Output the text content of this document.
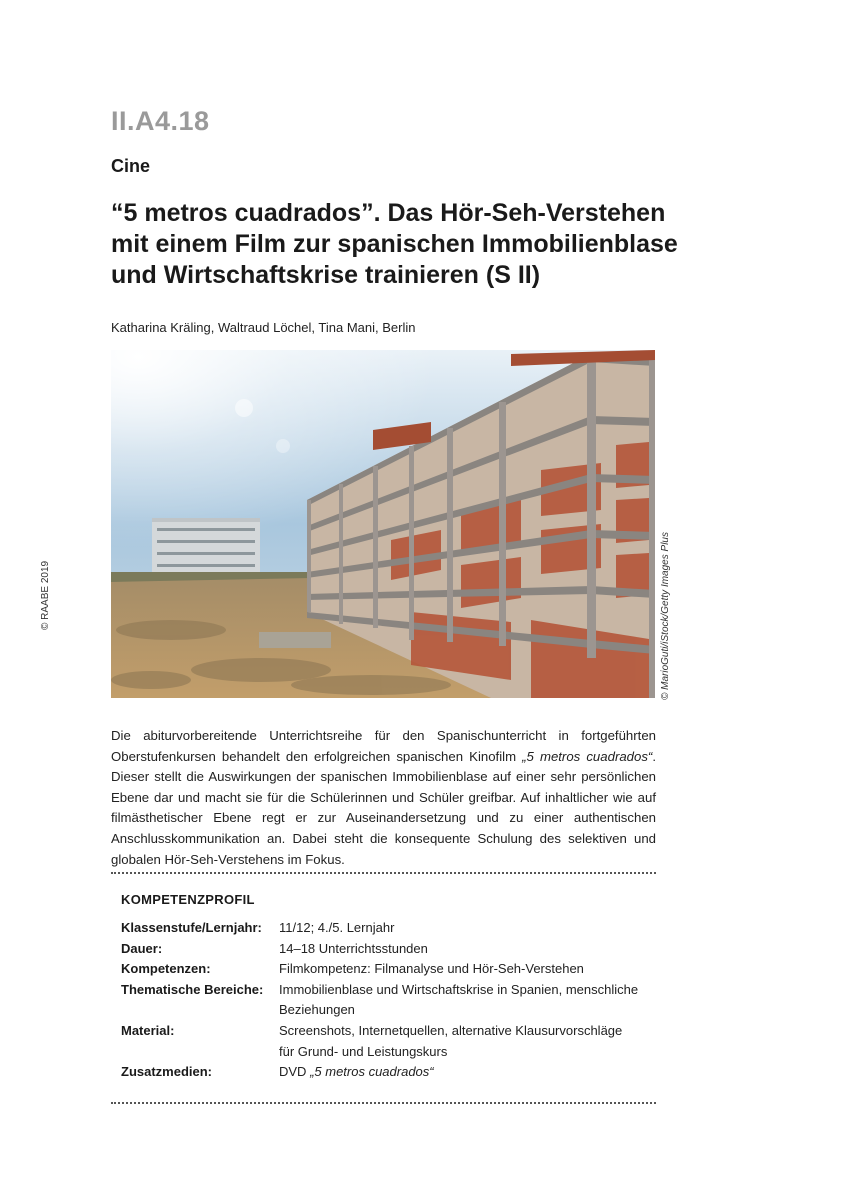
II.A4.18
Cine
“5 metros cuadrados”. Das Hör-Seh-Verstehen mit einem Film zur spanischen Immobilienblase und Wirtschaftskrise trainieren (S II)
Katharina Kräling, Waltraud Löchel, Tina Mani, Berlin
© RAABE 2019	© MarioGuti/iStock/Getty Images Plus

Die abiturvorbereitende Unterrichtsreihe für den Spanischunterricht in fortgeführten Oberstufenkursen behandelt den erfolgreichen spanischen Kinofilm „5 metros cuadrados“. Dieser stellt die Auswirkungen der spanischen Immobilienblase auf einer sehr persönlichen Ebene dar und macht sie für die Schülerinnen und Schüler greifbar. Auf inhaltlicher wie auf filmästhetischer Ebene regt er zur Auseinandersetzung und zu einer authentischen Anschlusskommunikation an. Dabei steht die konsequente Schulung des selektiven und globalen Hör-Seh-Verstehens im Fokus.

KOMPETENZPROFIL
Klassenstufe/Lernjahr:	11/12; 4./5. Lernjahr
Dauer:	14–18 Unterrichtsstunden
Kompetenzen:	Filmkompetenz: Filmanalyse und Hör-Seh-Verstehen
Thematische Bereiche:	Immobilienblase und Wirtschaftskrise in Spanien, menschliche Beziehungen
Material:	Screenshots, Internetquellen, alternative Klausurvorschläge für Grund- und Leistungskurs
Zusatzmedien:	DVD „5 metros cuadrados“
